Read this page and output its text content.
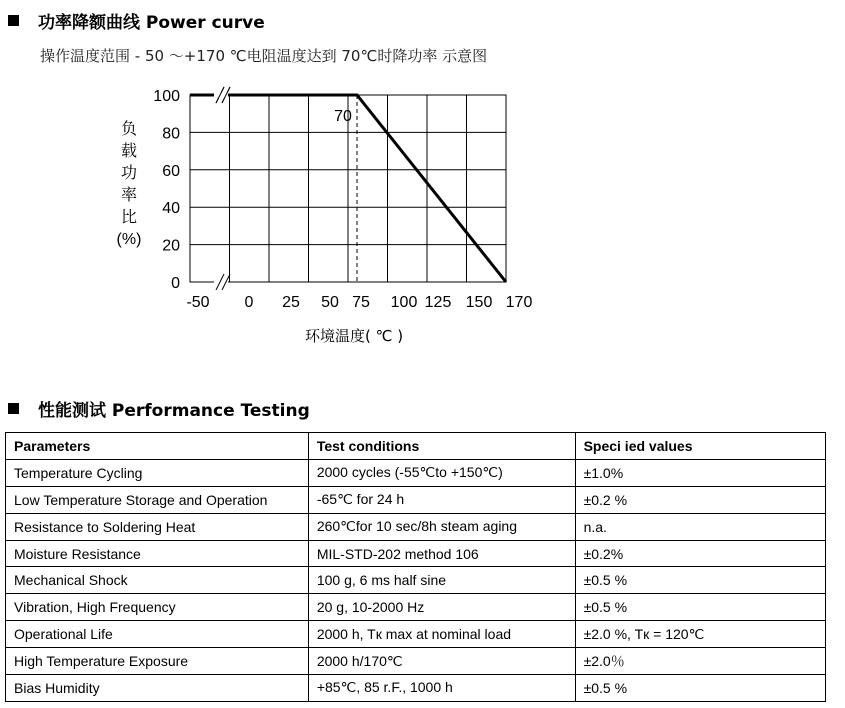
功率降额曲线 Power curve
操作温度范围 - 50 ～+170 ℃电阻温度达到 70℃时降功率 示意图
70
100
80
60
40
20
0
-50 0 25 50 75 100 125 150 170
负
载
功
率
比
(%)
环境温度( ℃ )
性能测试 Performance Testing
Parameters	Test conditions	Speci ied values
Temperature Cycling	2000 cycles (-55℃to +150℃)	±1.0%
Low Temperature Storage and Operation	-65℃ for 24 h	±0.2 %
Resistance to Soldering Heat	260℃for 10 sec/8h steam aging	n.a.
Moisture Resistance	MIL-STD-202 method 106	±0.2%
Mechanical Shock	100 g, 6 ms half sine	±0.5 %
Vibration, High Frequency	20 g, 10-2000 Hz	±0.5 %
Operational Life	2000 h, Tк max at nominal load	±2.0 %, Tк = 120℃
High Temperature Exposure	2000 h/170℃	±2.0％
Bias Humidity	+85℃, 85 r.F., 1000 h	±0.5 %
